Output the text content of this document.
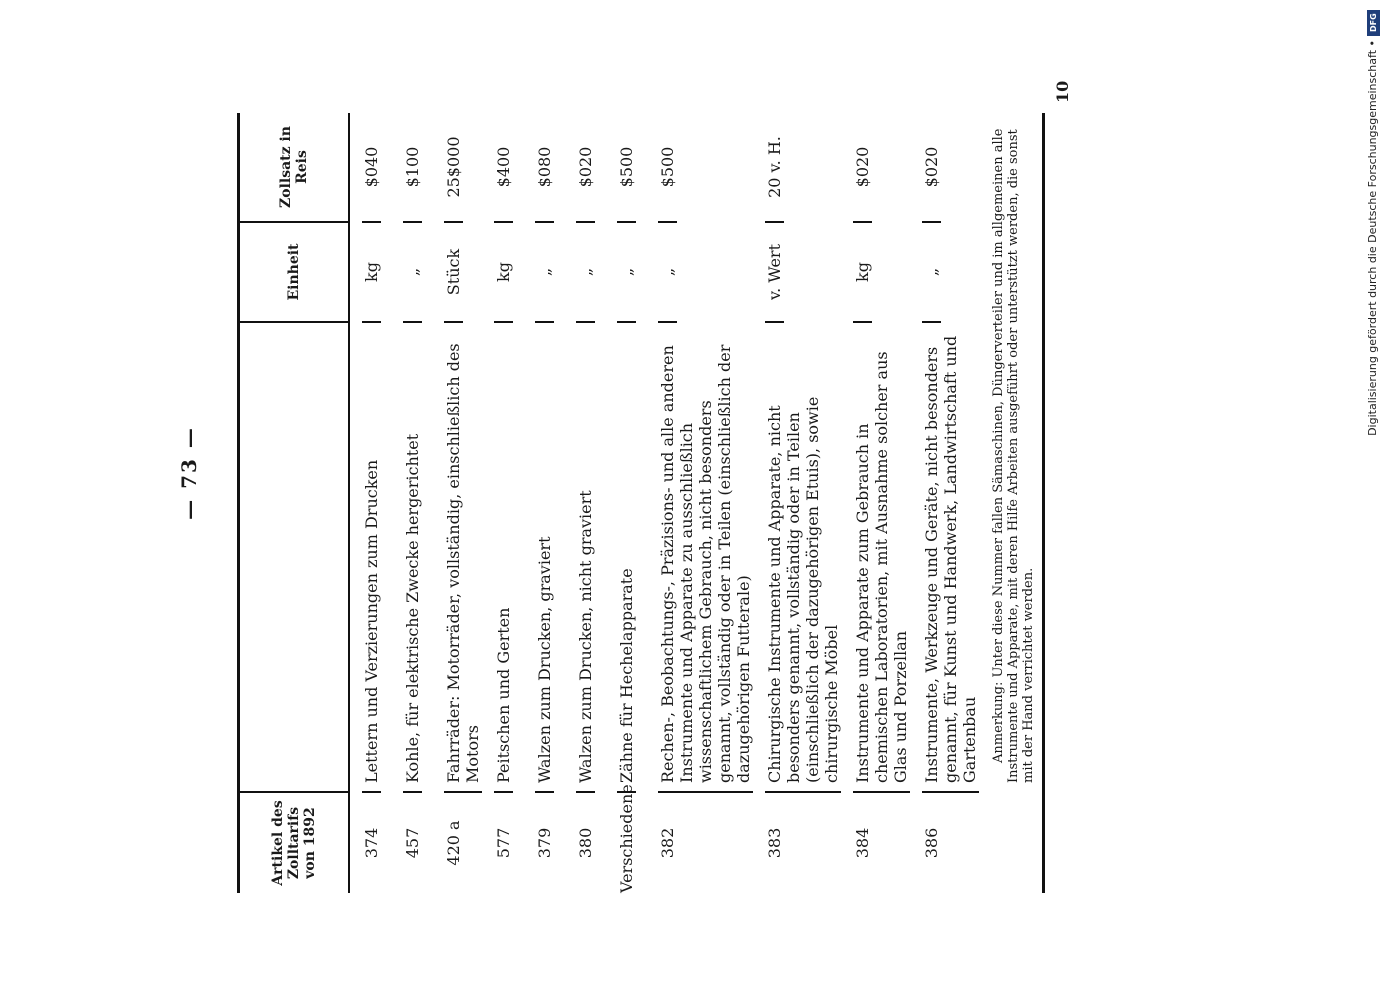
— 73 —
Artikel des Zolltarifs von 1892
Einheit
Zollsatz in Reis
374
Lettern und Verzierungen zum Drucken
kg
$040
457
Kohle, für elektrische Zwecke hergerichtet
„
$100
420 a
Fahrräder: Motorräder, vollständig, einschließlich des Motors
Stück
25$000
577
Peitschen und Gerten
kg
$400
379
Walzen zum Drucken, graviert
„
$080
380
Walzen zum Drucken, nicht graviert
„
$020
Verschiedene
Zähne für Hechelapparate
„
$500
382
Rechen-, Beobachtungs-, Präzisions- und alle anderen Instrumente und Apparate zu ausschließlich wissenschaftlichem Gebrauch, nicht besonders genannt, vollständig oder in Teilen (einschließlich der dazugehörigen Futterale)
„
$500
383
Chirurgische Instrumente und Apparate, nicht besonders genannt, vollständig oder in Teilen (einschließlich der dazugehörigen Etuis), sowie chirurgische Möbel
v. Wert
20 v. H.
384
Instrumente und Apparate zum Gebrauch in chemischen Laboratorien, mit Ausnahme solcher aus Glas und Porzellan
kg
$020
386
Instrumente, Werkzeuge und Geräte, nicht besonders genannt, für Kunst und Handwerk, Landwirtschaft und Gartenbau
„
$020	Anmerkung: Unter diese Nummer fallen Sämaschinen, Düngerverteiler und im allgemeinen alle Instrumente und Apparate, mit deren Hilfe Arbeiten ausgeführt oder unterstützt werden, die sonst mit der Hand verrichtet werden.
10
DFG
Digitalisierung gefördert durch die Deutsche Forschungsgemeinschaft •
